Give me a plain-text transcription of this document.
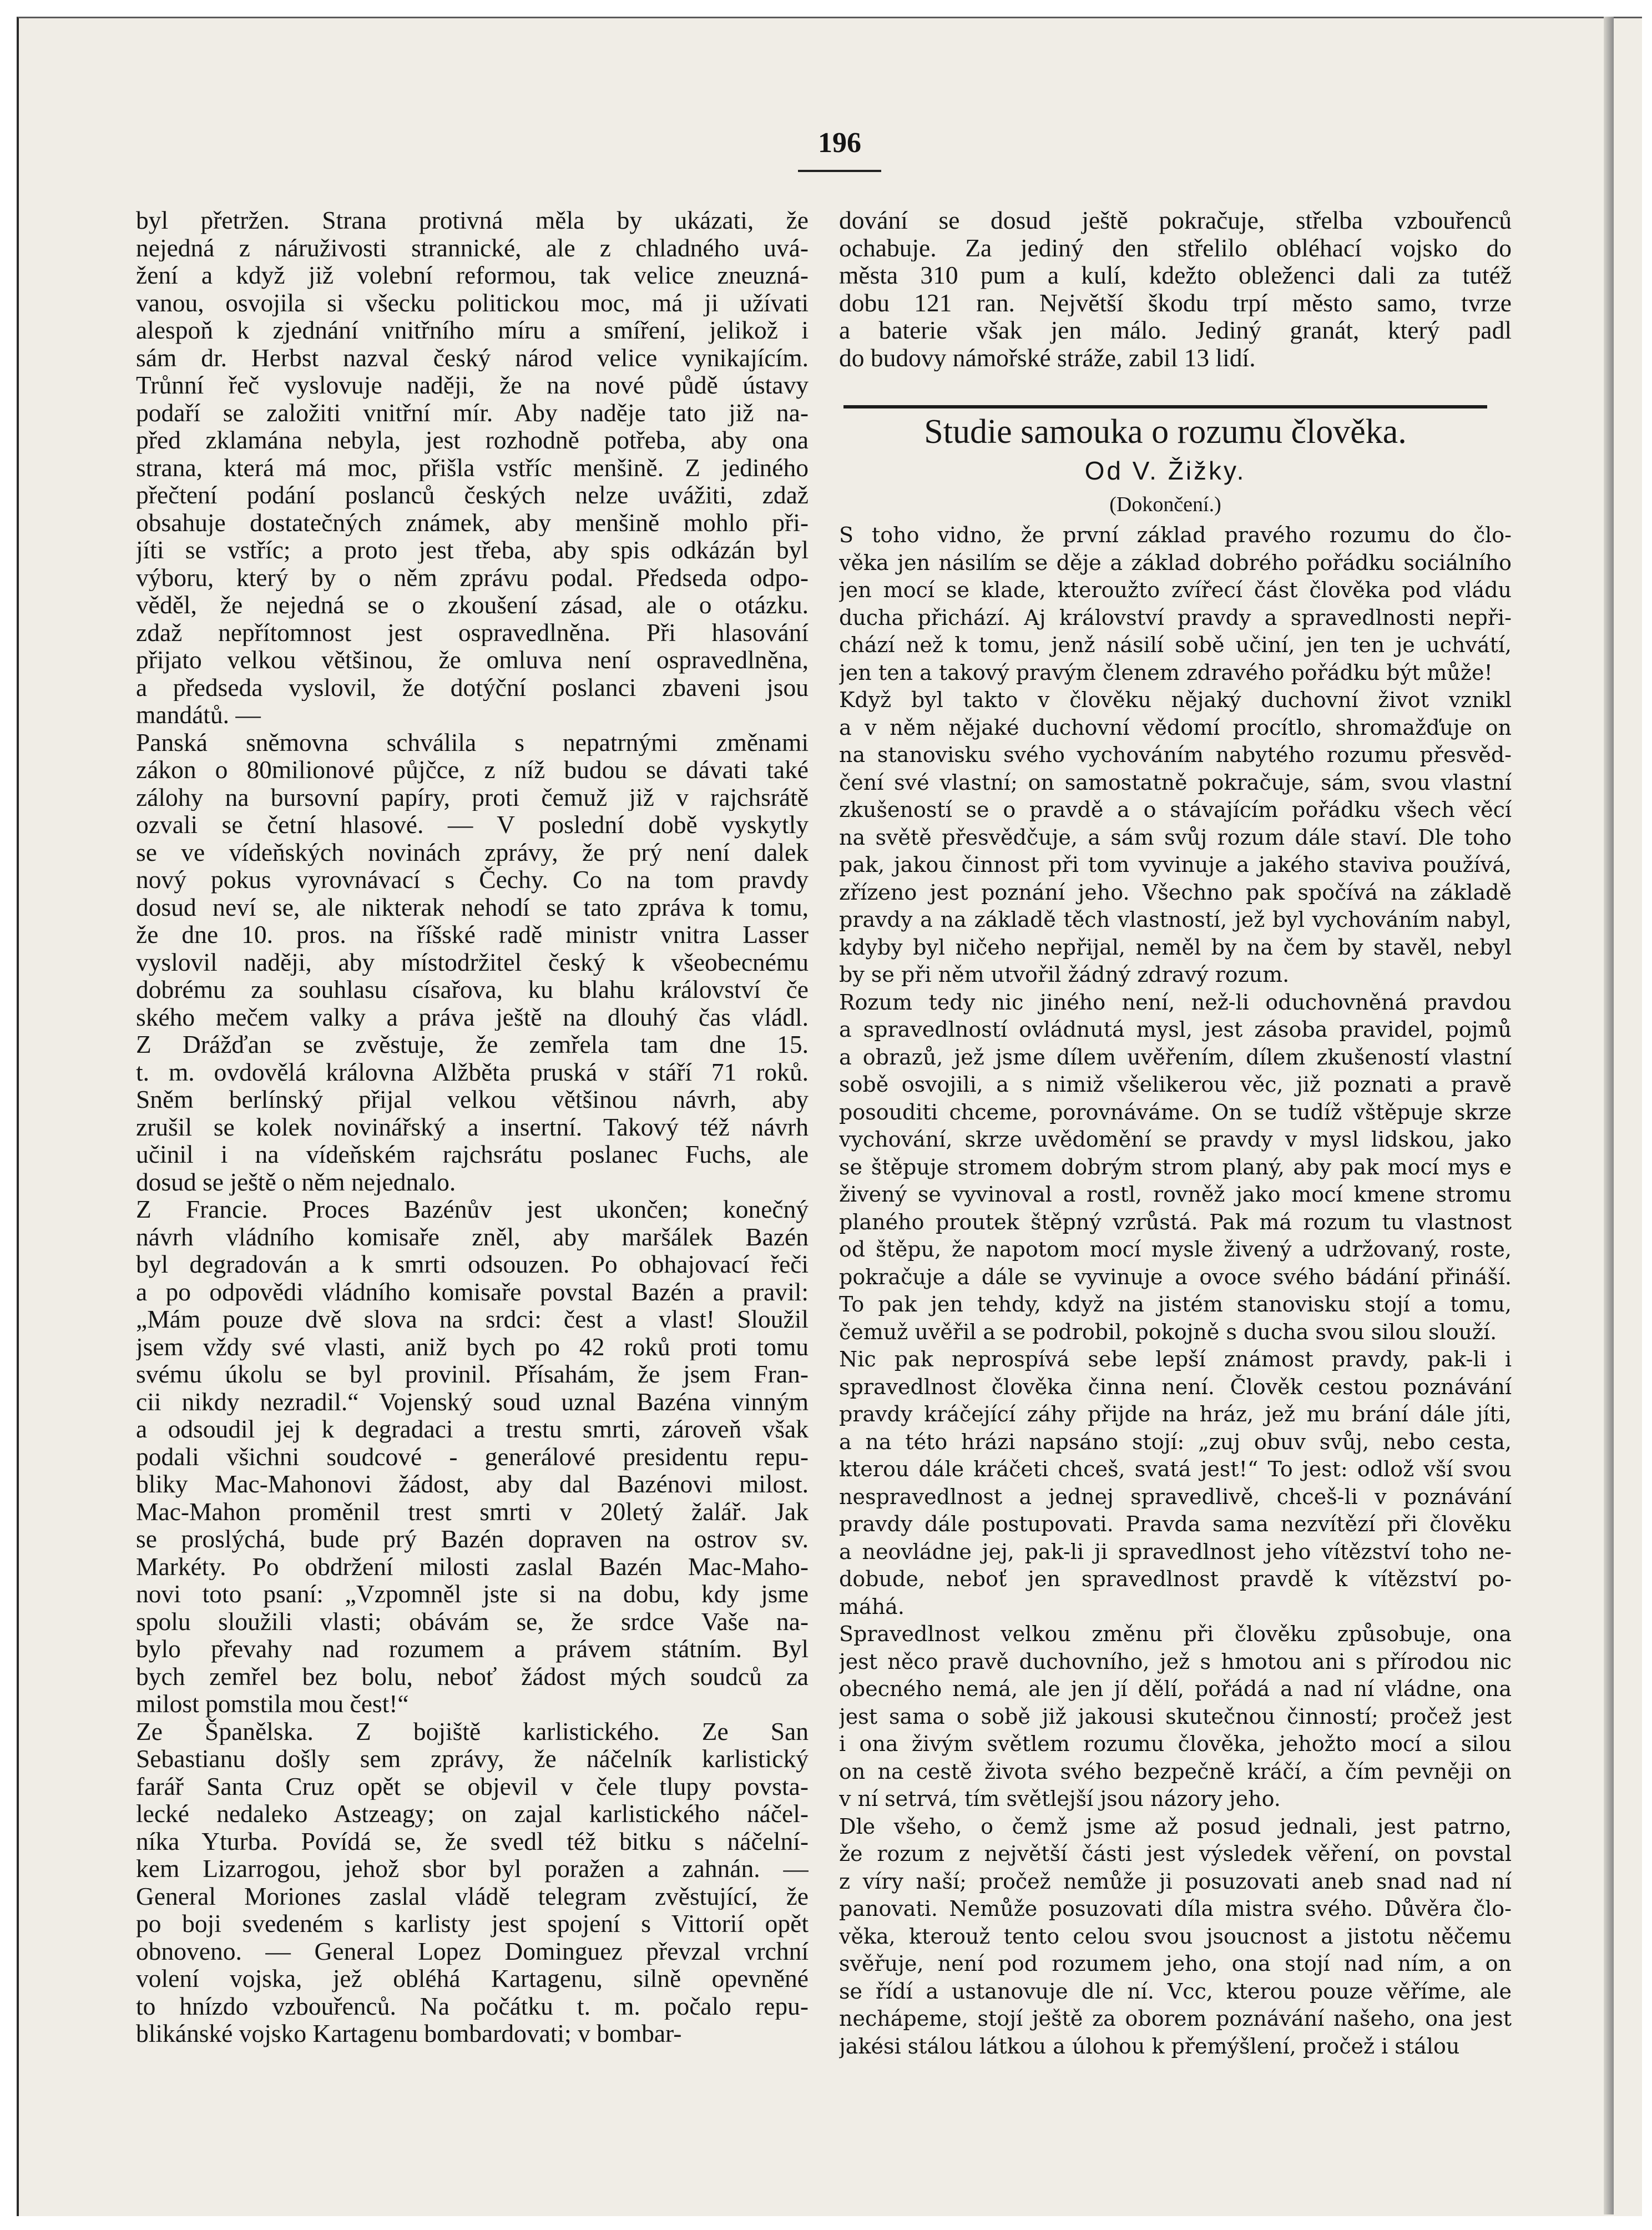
196

byl přetržen. Strana protivná měla by ukázati, že
nejedná z náruživosti strannické, ale z chladného uvá-
žení a když již volební reformou, tak velice zneuzná-
vanou, osvojila si všecku politickou moc, má ji užívati
alespoň k zjednání vnitřního míru a smíření, jelikož i
sám dr. Herbst nazval český národ velice vynikajícím.
Trůnní řeč vyslovuje naději, že na nové půdě ústavy
podaří se založiti vnitřní mír. Aby naděje tato již na-
před zklamána nebyla, jest rozhodně potřeba, aby ona
strana, která má moc, přišla vstříc menšině. Z jediného
přečtení podání poslanců českých nelze uvážiti, zdaž
obsahuje dostatečných známek, aby menšině mohlo při-
jíti se vstříc; a proto jest třeba, aby spis odkázán byl
výboru, který by o něm zprávu podal. Předseda odpo-
věděl, že nejedná se o zkoušení zásad, ale o otázku.
zdaž nepřítomnost jest ospravedlněna. Při hlasování
přijato velkou většinou, že omluva není ospravedlněna,
a předseda vyslovil, že dotýční poslanci zbaveni jsou
mandátů. —
Panská sněmovna schválila s nepatrnými změnami
zákon o 80milionové půjčce, z níž budou se dávati také
zálohy na bursovní papíry, proti čemuž již v rajchsrátě
ozvali se četní hlasové. — V poslední době vyskytly
se ve vídeňských novinách zprávy, že prý není dalek
nový pokus vyrovnávací s Čechy. Co na tom pravdy
dosud neví se, ale nikterak nehodí se tato zpráva k tomu,
že dne 10. pros. na říšské radě ministr vnitra Lasser
vyslovil naději, aby místodržitel český k všeobecnému
dobrému za souhlasu císařova, ku blahu království če
ského mečem valky a práva ještě na dlouhý čas vládl.
Z Drážďan se zvěstuje, že zemřela tam dne 15.
t. m. ovdovělá královna Alžběta pruská v stáří 71 roků.
Sněm berlínský přijal velkou většinou návrh, aby
zrušil se kolek novinářský a insertní. Takový též návrh
učinil i na vídeňském rajchsrátu poslanec Fuchs, ale
dosud se ještě o něm nejednalo.
Z Francie. Proces Bazénův jest ukončen; konečný
návrh vládního komisaře zněl, aby maršálek Bazén
byl degradován a k smrti odsouzen. Po obhajovací řeči
a po odpovědi vládního komisaře povstal Bazén a pravil:
„Mám pouze dvě slova na srdci: čest a vlast! Sloužil
jsem vždy své vlasti, aniž bych po 42 roků proti tomu
svému úkolu se byl provinil. Přísahám, že jsem Fran-
cii nikdy nezradil.“ Vojenský soud uznal Bazéna vinným
a odsoudil jej k degradaci a trestu smrti, zároveň však
podali všichni soudcové - generálové presidentu repu-
bliky Mac-Mahonovi žádost, aby dal Bazénovi milost.
Mac-Mahon proměnil trest smrti v 20letý žalář. Jak
se proslýchá, bude prý Bazén dopraven na ostrov sv.
Markéty. Po obdržení milosti zaslal Bazén Mac-Maho-
novi toto psaní: „Vzpomněl jste si na dobu, kdy jsme
spolu sloužili vlasti; obávám se, že srdce Vaše na-
bylo převahy nad rozumem a právem státním. Byl
bych zemřel bez bolu, neboť žádost mých soudců za
milost pomstila mou čest!“
Ze Španělska. Z bojiště karlistického. Ze San
Sebastianu došly sem zprávy, že náčelník karlistický
farář Santa Cruz opět se objevil v čele tlupy povsta-
lecké nedaleko Astzeagy; on zajal karlistického náčel-
níka Yturba. Povídá se, že svedl též bitku s náčelní-
kem Lizarrogou, jehož sbor byl poražen a zahnán. —
General Moriones zaslal vládě telegram zvěstující, že
po boji svedeném s karlisty jest spojení s Vittorií opět
obnoveno. — General Lopez Dominguez převzal vrchní
volení vojska, jež obléhá Kartagenu, silně opevněné
to hnízdo vzbouřenců. Na počátku t. m. počalo repu-
blikánské vojsko Kartagenu bombardovati; v bombar-
dování se dosud ještě pokračuje, střelba vzbouřenců
ochabuje. Za jediný den střelilo obléhací vojsko do
města 310 pum a kulí, kdežto obleženci dali za tutéž
dobu 121 ran. Největší škodu trpí město samo, tvrze
a baterie však jen málo. Jediný granát, který padl
do budovy námořské stráže, zabil 13 lidí.
Studie samouka o rozumu člověka.
Od V. Žižky.
(Dokončení.)
S toho vidno, že první základ pravého rozumu do člo-
věka jen násilím se děje a základ dobrého pořádku sociálního
jen mocí se klade, kteroužto zvířecí část člověka pod vládu
ducha přichází. Aj království pravdy a spravedlnosti nepři-
chází než k tomu, jenž násilí sobě učiní, jen ten je uchvátí,
jen ten a takový pravým členem zdravého pořádku být může!
Když byl takto v člověku nějaký duchovní život vznikl
a v něm nějaké duchovní vědomí procítlo, shromažďuje on
na stanovisku svého vychováním nabytého rozumu přesvěd-
čení své vlastní; on samostatně pokračuje, sám, svou vlastní
zkušeností se o pravdě a o stávajícím pořádku všech věcí
na světě přesvědčuje, a sám svůj rozum dále staví. Dle toho
pak, jakou činnost při tom vyvinuje a jakého staviva používá,
zřízeno jest poznání jeho. Všechno pak spočívá na základě
pravdy a na základě těch vlastností, jež byl vychováním nabyl,
kdyby byl ničeho nepřijal, neměl by na čem by stavěl, nebyl
by se při něm utvořil žádný zdravý rozum.
Rozum tedy nic jiného není, než-li oduchovněná pravdou
a spravedlností ovládnutá mysl, jest zásoba pravidel, pojmů
a obrazů, jež jsme dílem uvěřením, dílem zkušeností vlastní
sobě osvojili, a s nimiž všelikerou věc, již poznati a pravě
posouditi chceme, porovnáváme. On se tudíž vštěpuje skrze
vychování, skrze uvědomění se pravdy v mysl lidskou, jako
se štěpuje stromem dobrým strom planý, aby pak mocí mys e
živený se vyvinoval a rostl, rovněž jako mocí kmene stromu
planého proutek štěpný vzrůstá. Pak má rozum tu vlastnost
od štěpu, že napotom mocí mysle živený a udržovaný, roste,
pokračuje a dále se vyvinuje a ovoce svého bádání přináší.
To pak jen tehdy, když na jistém stanovisku stojí a tomu,
čemuž uvěřil a se podrobil, pokojně s ducha svou silou slouží.
Nic pak neprospívá sebe lepší známost pravdy, pak-li i
spravedlnost člověka činna není. Člověk cestou poznávání
pravdy kráčející záhy přijde na hráz, jež mu brání dále jíti,
a na této hrázi napsáno stojí: „zuj obuv svůj, nebo cesta,
kterou dále kráčeti chceš, svatá jest!“ To jest: odlož vší svou
nespravedlnost a jednej spravedlivě, chceš-li v poznávání
pravdy dále postupovati. Pravda sama nezvítězí při člověku
a neovládne jej, pak-li ji spravedlnost jeho vítězství toho ne-
dobude, neboť jen spravedlnost pravdě k vítězství po-
máhá.
Spravedlnost velkou změnu při člověku způsobuje, ona
jest něco pravě duchovního, jež s hmotou ani s přírodou nic
obecného nemá, ale jen jí dělí, pořádá a nad ní vládne, ona
jest sama o sobě již jakousi skutečnou činností; pročež jest
i ona živým světlem rozumu člověka, jehožto mocí a silou
on na cestě života svého bezpečně kráčí, a čím pevněji on
v ní setrvá, tím světlejší jsou názory jeho.
Dle všeho, o čemž jsme až posud jednali, jest patrno,
že rozum z největší části jest výsledek věření, on povstal
z víry naší; pročež nemůže ji posuzovati aneb snad nad ní
panovati. Nemůže posuzovati díla mistra svého. Důvěra člo-
věka, kterouž tento celou svou jsoucnost a jistotu něčemu
svěřuje, není pod rozumem jeho, ona stojí nad ním, a on
se řídí a ustanovuje dle ní. Vcc, kterou pouze věříme, ale
nechápeme, stojí ještě za oborem poznávání našeho, ona jest
jakési stálou látkou a úlohou k přemýšlení, pročež i stálou
